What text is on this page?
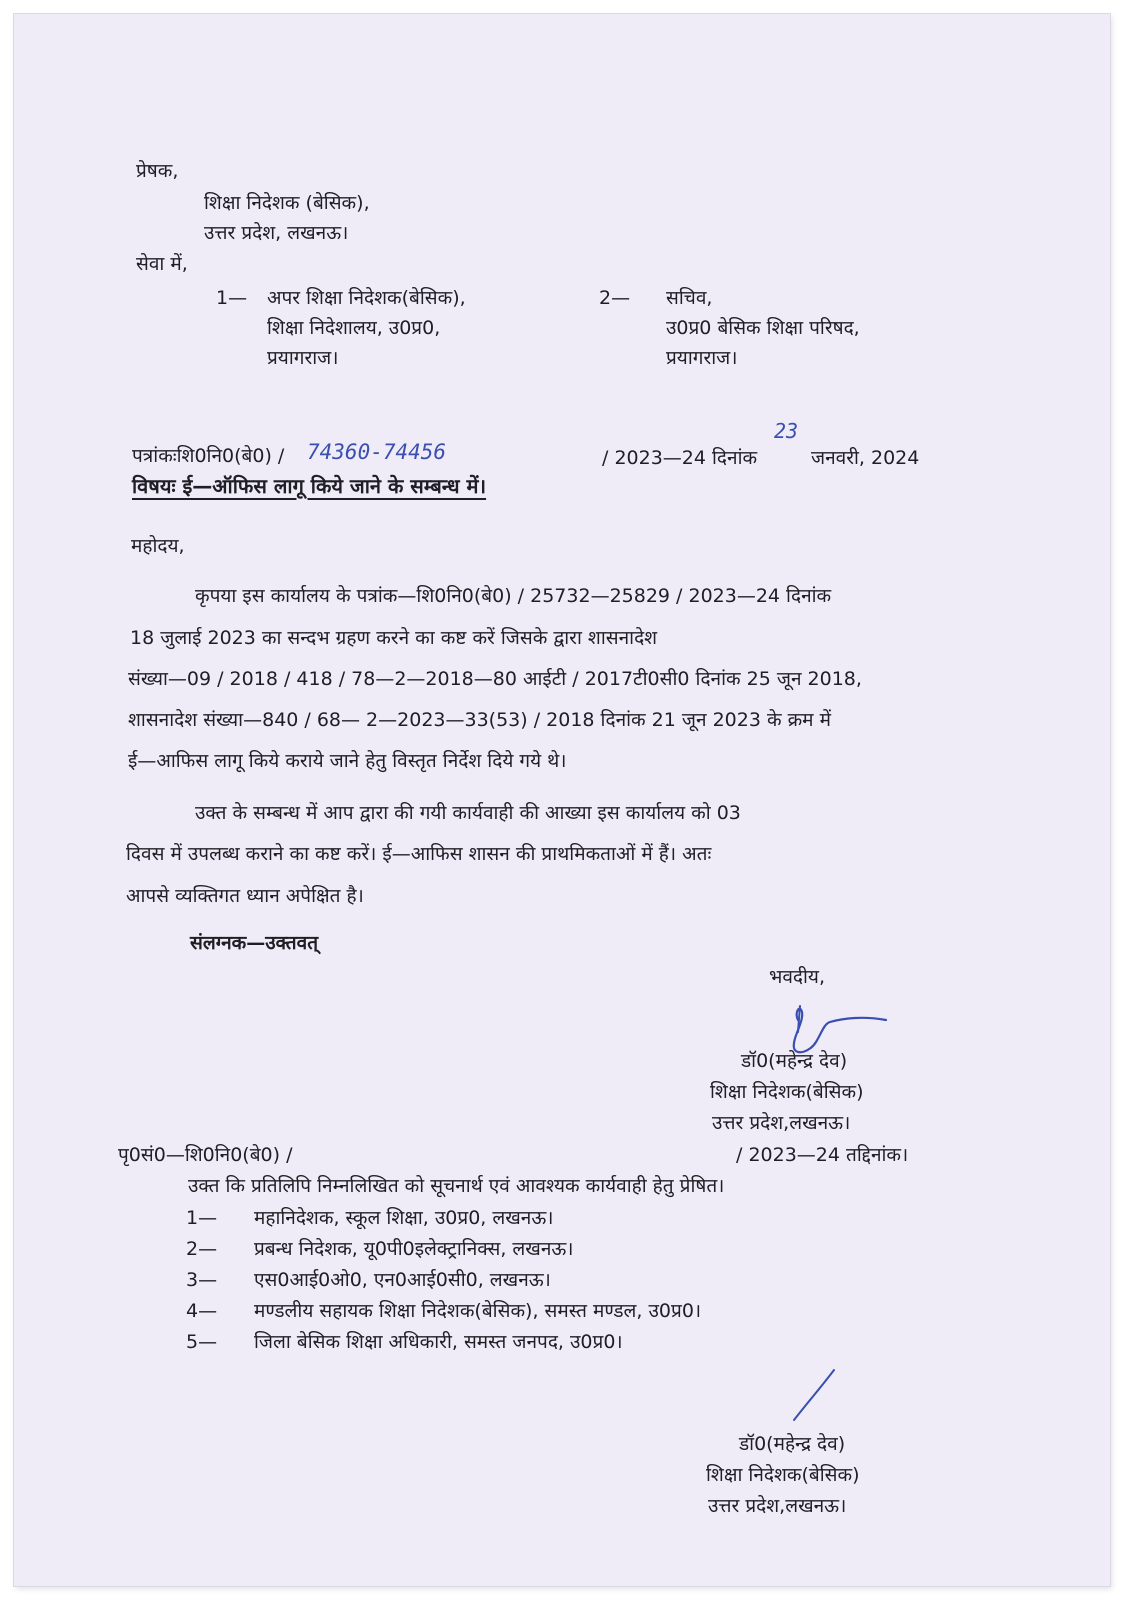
प्रेषक,
शिक्षा निदेशक (बेसिक),
उत्तर प्रदेश, लखनऊ।
सेवा में,
1— अपर शिक्षा निदेशक(बेसिक),
शिक्षा निदेशालय, उ0प्र0,
प्रयागराज।
2— सचिव,
उ0प्र0 बेसिक शिक्षा परिषद,
प्रयागराज।
पत्रांकःशि0नि0(बे0) / 74360-74456	/ 2023—24 दिनांक
23
जनवरी, 2024
विषयः ई—ऑफिस लागू किये जाने के सम्बन्ध में।
महोदय,
कृपया इस कार्यालय के पत्रांक—शि0नि0(बे0) / 25732—25829 / 2023—24 दिनांक
18 जुलाई 2023 का सन्दभ ग्रहण करने का कष्ट करें जिसके द्वारा शासनादेश
संख्या—09 / 2018 / 418 / 78—2—2018—80 आईटी / 2017टी0सी0 दिनांक 25 जून 2018,
शासनादेश संख्या—840 / 68— 2—2023—33(53) / 2018 दिनांक 21 जून 2023 के क्रम में
ई—आफिस लागू किये कराये जाने हेतु विस्तृत निर्देश दिये गये थे।
उक्त के सम्बन्ध में आप द्वारा की गयी कार्यवाही की आख्या इस कार्यालय को 03
दिवस में उपलब्ध कराने का कष्ट करें। ई—आफिस शासन की प्राथमिकताओं में हैं। अतः
आपसे व्यक्तिगत ध्यान अपेक्षित है।
संलग्नक—उक्तवत्
भवदीय,
डॉ0(महेन्द्र देव)
शिक्षा निदेशक(बेसिक)
उत्तर प्रदेश,लखनऊ।
पृ0सं0—शि0नि0(बे0) /	/ 2023—24 तद्दिनांक।
उक्त कि प्रतिलिपि निम्नलिखित को सूचनार्थ एवं आवश्यक कार्यवाही हेतु प्रेषित।
1— महानिदेशक, स्कूल शिक्षा, उ0प्र0, लखनऊ।
2— प्रबन्ध निदेशक, यू0पी0इलेक्ट्रानिक्स, लखनऊ।
3— एस0आई0ओ0, एन0आई0सी0, लखनऊ।
4— मण्डलीय सहायक शिक्षा निदेशक(बेसिक), समस्त मण्डल, उ0प्र0।
5— जिला बेसिक शिक्षा अधिकारी, समस्त जनपद, उ0प्र0।
डॉ0(महेन्द्र देव)
शिक्षा निदेशक(बेसिक)
उत्तर प्रदेश,लखनऊ।
